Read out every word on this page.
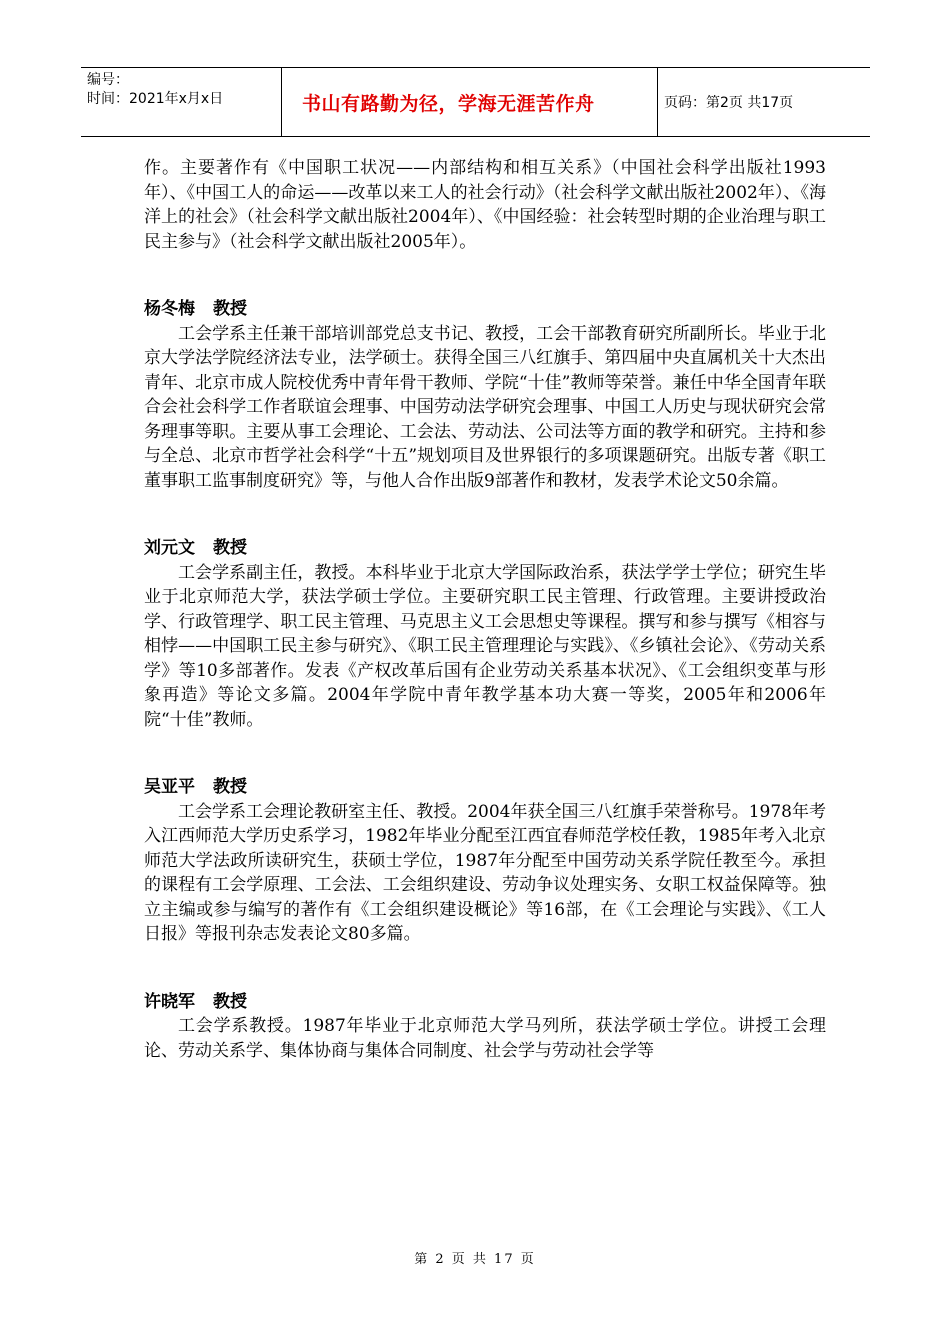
编号：
时间：2021年x月x日	书山有路勤为径，学海无涯苦作舟	页码：第2页 共17页

作。主要著作有《中国职工状况——内部结构和相互关系》（中国社会科学出版社1993年）、《中国工人的命运——改革以来工人的社会行动》（社会科学文献出版社2002年）、《海洋上的社会》（社会科学文献出版社2004年）、《中国经验：社会转型时期的企业治理与职工民主参与》（社会科学文献出版社2005年）。

杨冬梅 教授

工会学系主任兼干部培训部党总支书记、教授，工会干部教育研究所副所长。毕业于北京大学法学院经济法专业，法学硕士。获得全国三八红旗手、第四届中央直属机关十大杰出青年、北京市成人院校优秀中青年骨干教师、学院“十佳”教师等荣誉。兼任中华全国青年联合会社会科学工作者联谊会理事、中国劳动法学研究会理事、中国工人历史与现状研究会常务理事等职。主要从事工会理论、工会法、劳动法、公司法等方面的教学和研究。主持和参与全总、北京市哲学社会科学“十五”规划项目及世界银行的多项课题研究。出版专著《职工董事职工监事制度研究》等，与他人合作出版9部著作和教材，发表学术论文50余篇。

刘元文 教授

工会学系副主任，教授。本科毕业于北京大学国际政治系，获法学学士学位；研究生毕业于北京师范大学，获法学硕士学位。主要研究职工民主管理、行政管理。主要讲授政治学、行政管理学、职工民主管理、马克思主义工会思想史等课程。撰写和参与撰写《相容与相悖——中国职工民主参与研究》、《职工民主管理理论与实践》、《乡镇社会论》、《劳动关系学》等10多部著作。发表《产权改革后国有企业劳动关系基本状况》、《工会组织变革与形象再造》等论文多篇。2004年学院中青年教学基本功大赛一等奖，2005年和2006年院“十佳”教师。

吴亚平 教授

工会学系工会理论教研室主任、教授。2004年获全国三八红旗手荣誉称号。1978年考入江西师范大学历史系学习，1982年毕业分配至江西宜春师范学校任教，1985年考入北京师范大学法政所读研究生，获硕士学位，1987年分配至中国劳动关系学院任教至今。承担的课程有工会学原理、工会法、工会组织建设、劳动争议处理实务、女职工权益保障等。独立主编或参与编写的著作有《工会组织建设概论》等16部，在《工会理论与实践》、《工人日报》等报刊杂志发表论文80多篇。

许晓军 教授

工会学系教授。1987年毕业于北京师范大学马列所，获法学硕士学位。讲授工会理论、劳动关系学、集体协商与集体合同制度、社会学与劳动社会学等

第 2 页 共 17 页
